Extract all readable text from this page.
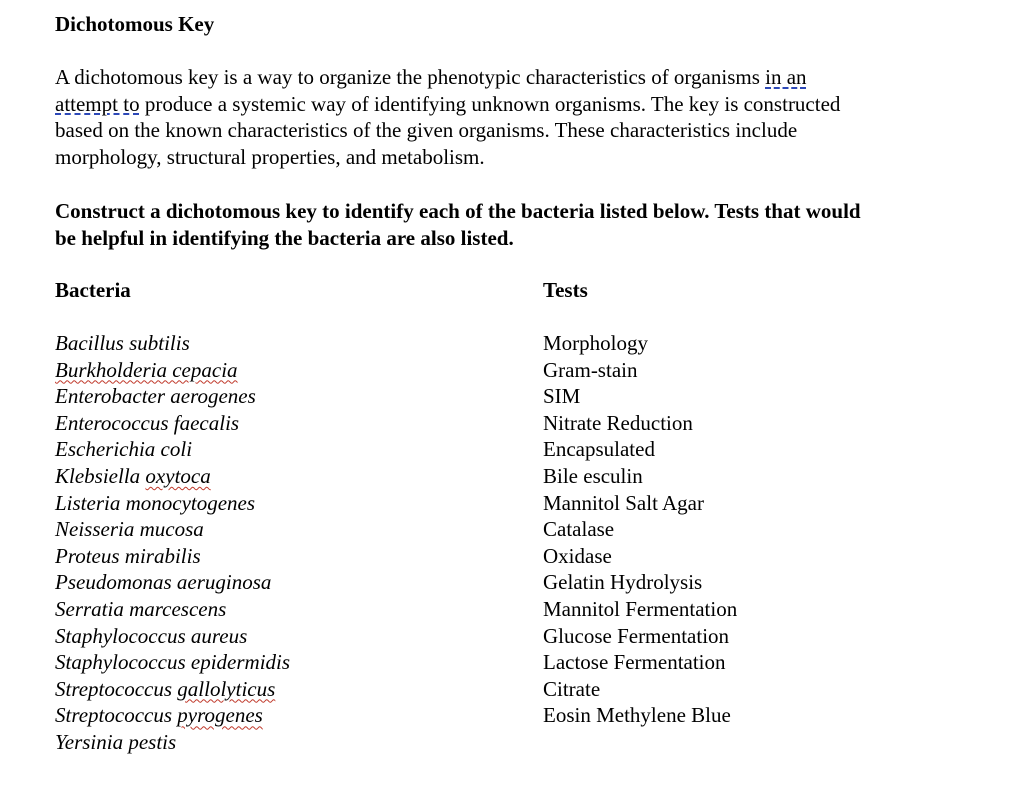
Dichotomous Key
A dichotomous key is a way to organize the phenotypic characteristics of organisms in an
attempt to produce a systemic way of identifying unknown organisms. The key is constructed
based on the known characteristics of the given organisms. These characteristics include
morphology, structural properties, and metabolism.
Construct a dichotomous key to identify each of the bacteria listed below. Tests that would
be helpful in identifying the bacteria are also listed.
Bacteria	Tests
Bacillus subtilis
Burkholderia cepacia
Enterobacter aerogenes
Enterococcus faecalis
Escherichia coli
Klebsiella oxytoca
Listeria monocytogenes
Neisseria mucosa
Proteus mirabilis
Pseudomonas aeruginosa
Serratia marcescens
Staphylococcus aureus
Staphylococcus epidermidis
Streptococcus gallolyticus
Streptococcus pyrogenes
Yersinia pestis
Morphology
Gram-stain
SIM
Nitrate Reduction
Encapsulated
Bile esculin
Mannitol Salt Agar
Catalase
Oxidase
Gelatin Hydrolysis
Mannitol Fermentation
Glucose Fermentation
Lactose Fermentation
Citrate
Eosin Methylene Blue
